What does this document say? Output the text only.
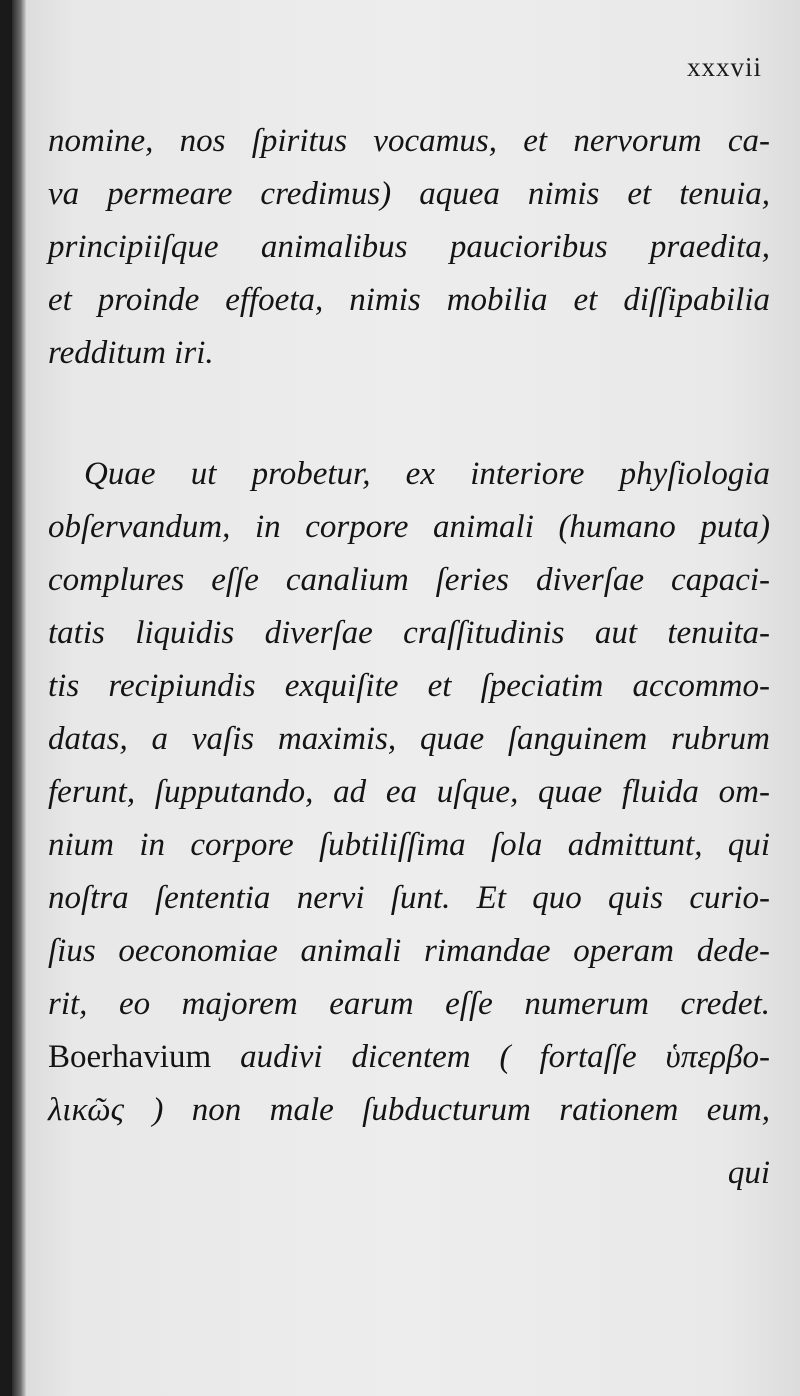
xxxvii
nomine, nos ſpiritus vocamus, et nervorum ca-
va permeare credimus) aquea nimis et tenuia,
principiiſque animalibus paucioribus praedita,
et proinde effoeta, nimis mobilia et diſſipabilia
redditum iri.
Quae ut probetur, ex interiore phyſiologia
obſervandum, in corpore animali (humano puta)
complures eſſe canalium ſeries diverſae capaci-
tatis liquidis diverſae craſſitudinis aut tenuita-
tis recipiundis exquiſite et ſpeciatim accommo-
datas, a vaſis maximis, quae ſanguinem rubrum
ferunt, ſupputando, ad ea uſque, quae fluida om-
nium in corpore ſubtiliſſima ſola admittunt, qui
noſtra ſententia nervi ſunt. Et quo quis curio-
ſius oeconomiae animali rimandae operam dede-
rit, eo majorem earum eſſe numerum credet.
Boerhavium audivi dicentem ( fortaſſe ὑπερβο-
λικῶς ) non male ſubducturum rationem eum,
qui
